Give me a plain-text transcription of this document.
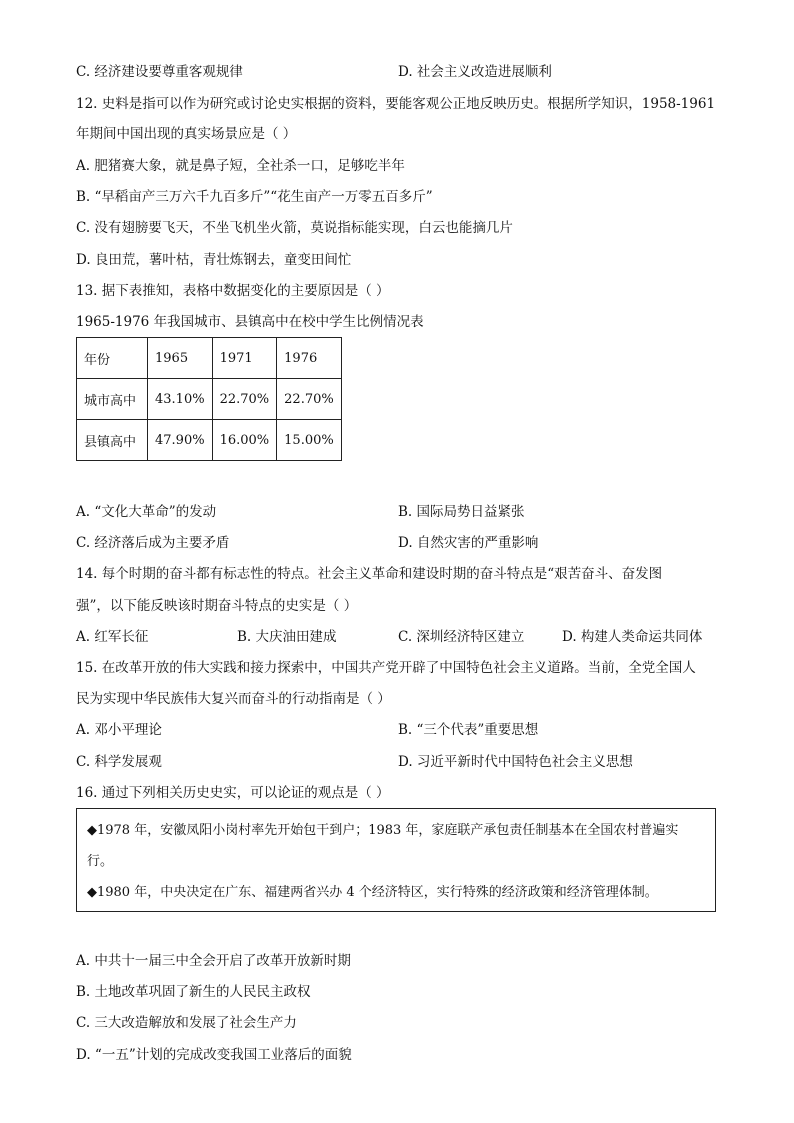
C. 经济建设要尊重客观规律	D. 社会主义改造进展顺利
12. 史料是指可以作为研究或讨论史实根据的资料，要能客观公正地反映历史。根据所学知识，1958-1961
年期间中国出现的真实场景应是（ ）
A. 肥猪赛大象，就是鼻子短，全社杀一口，足够吃半年
B. “早稻亩产三万六千九百多斤”“花生亩产一万零五百多斤”
C. 没有翅膀要飞天，不坐飞机坐火箭，莫说指标能实现，白云也能摘几片
D. 良田荒，薯叶枯，青壮炼钢去，童变田间忙
13. 据下表推知，表格中数据变化的主要原因是（ ）
1965-1976 年我国城市、县镇高中在校中学生比例情况表
年份	1965	1971	1976
城市高中	43.10%	22.70%	22.70%
县镇高中	47.90%	16.00%	15.00%
A. “文化大革命”的发动	B. 国际局势日益紧张
C. 经济落后成为主要矛盾	D. 自然灾害的严重影响
14. 每个时期的奋斗都有标志性的特点。社会主义革命和建设时期的奋斗特点是“艰苦奋斗、奋发图
强”，以下能反映该时期奋斗特点的史实是（ ）
A. 红军长征	B. 大庆油田建成	C. 深圳经济特区建立	D. 构建人类命运共同体
15. 在改革开放的伟大实践和接力探索中，中国共产党开辟了中国特色社会主义道路。当前，全党全国人
民为实现中华民族伟大复兴而奋斗的行动指南是（ ）
A. 邓小平理论	B. “三个代表”重要思想
C. 科学发展观	D. 习近平新时代中国特色社会主义思想
16. 通过下列相关历史史实，可以论证的观点是（ ）
◆1978 年，安徽凤阳小岗村率先开始包干到户；1983 年，家庭联产承包责任制基本在全国农村普遍实
行。
◆1980 年，中央决定在广东、福建两省兴办 4 个经济特区，实行特殊的经济政策和经济管理体制。
A. 中共十一届三中全会开启了改革开放新时期
B. 土地改革巩固了新生的人民民主政权
C. 三大改造解放和发展了社会生产力
D. “一五”计划的完成改变我国工业落后的面貌
